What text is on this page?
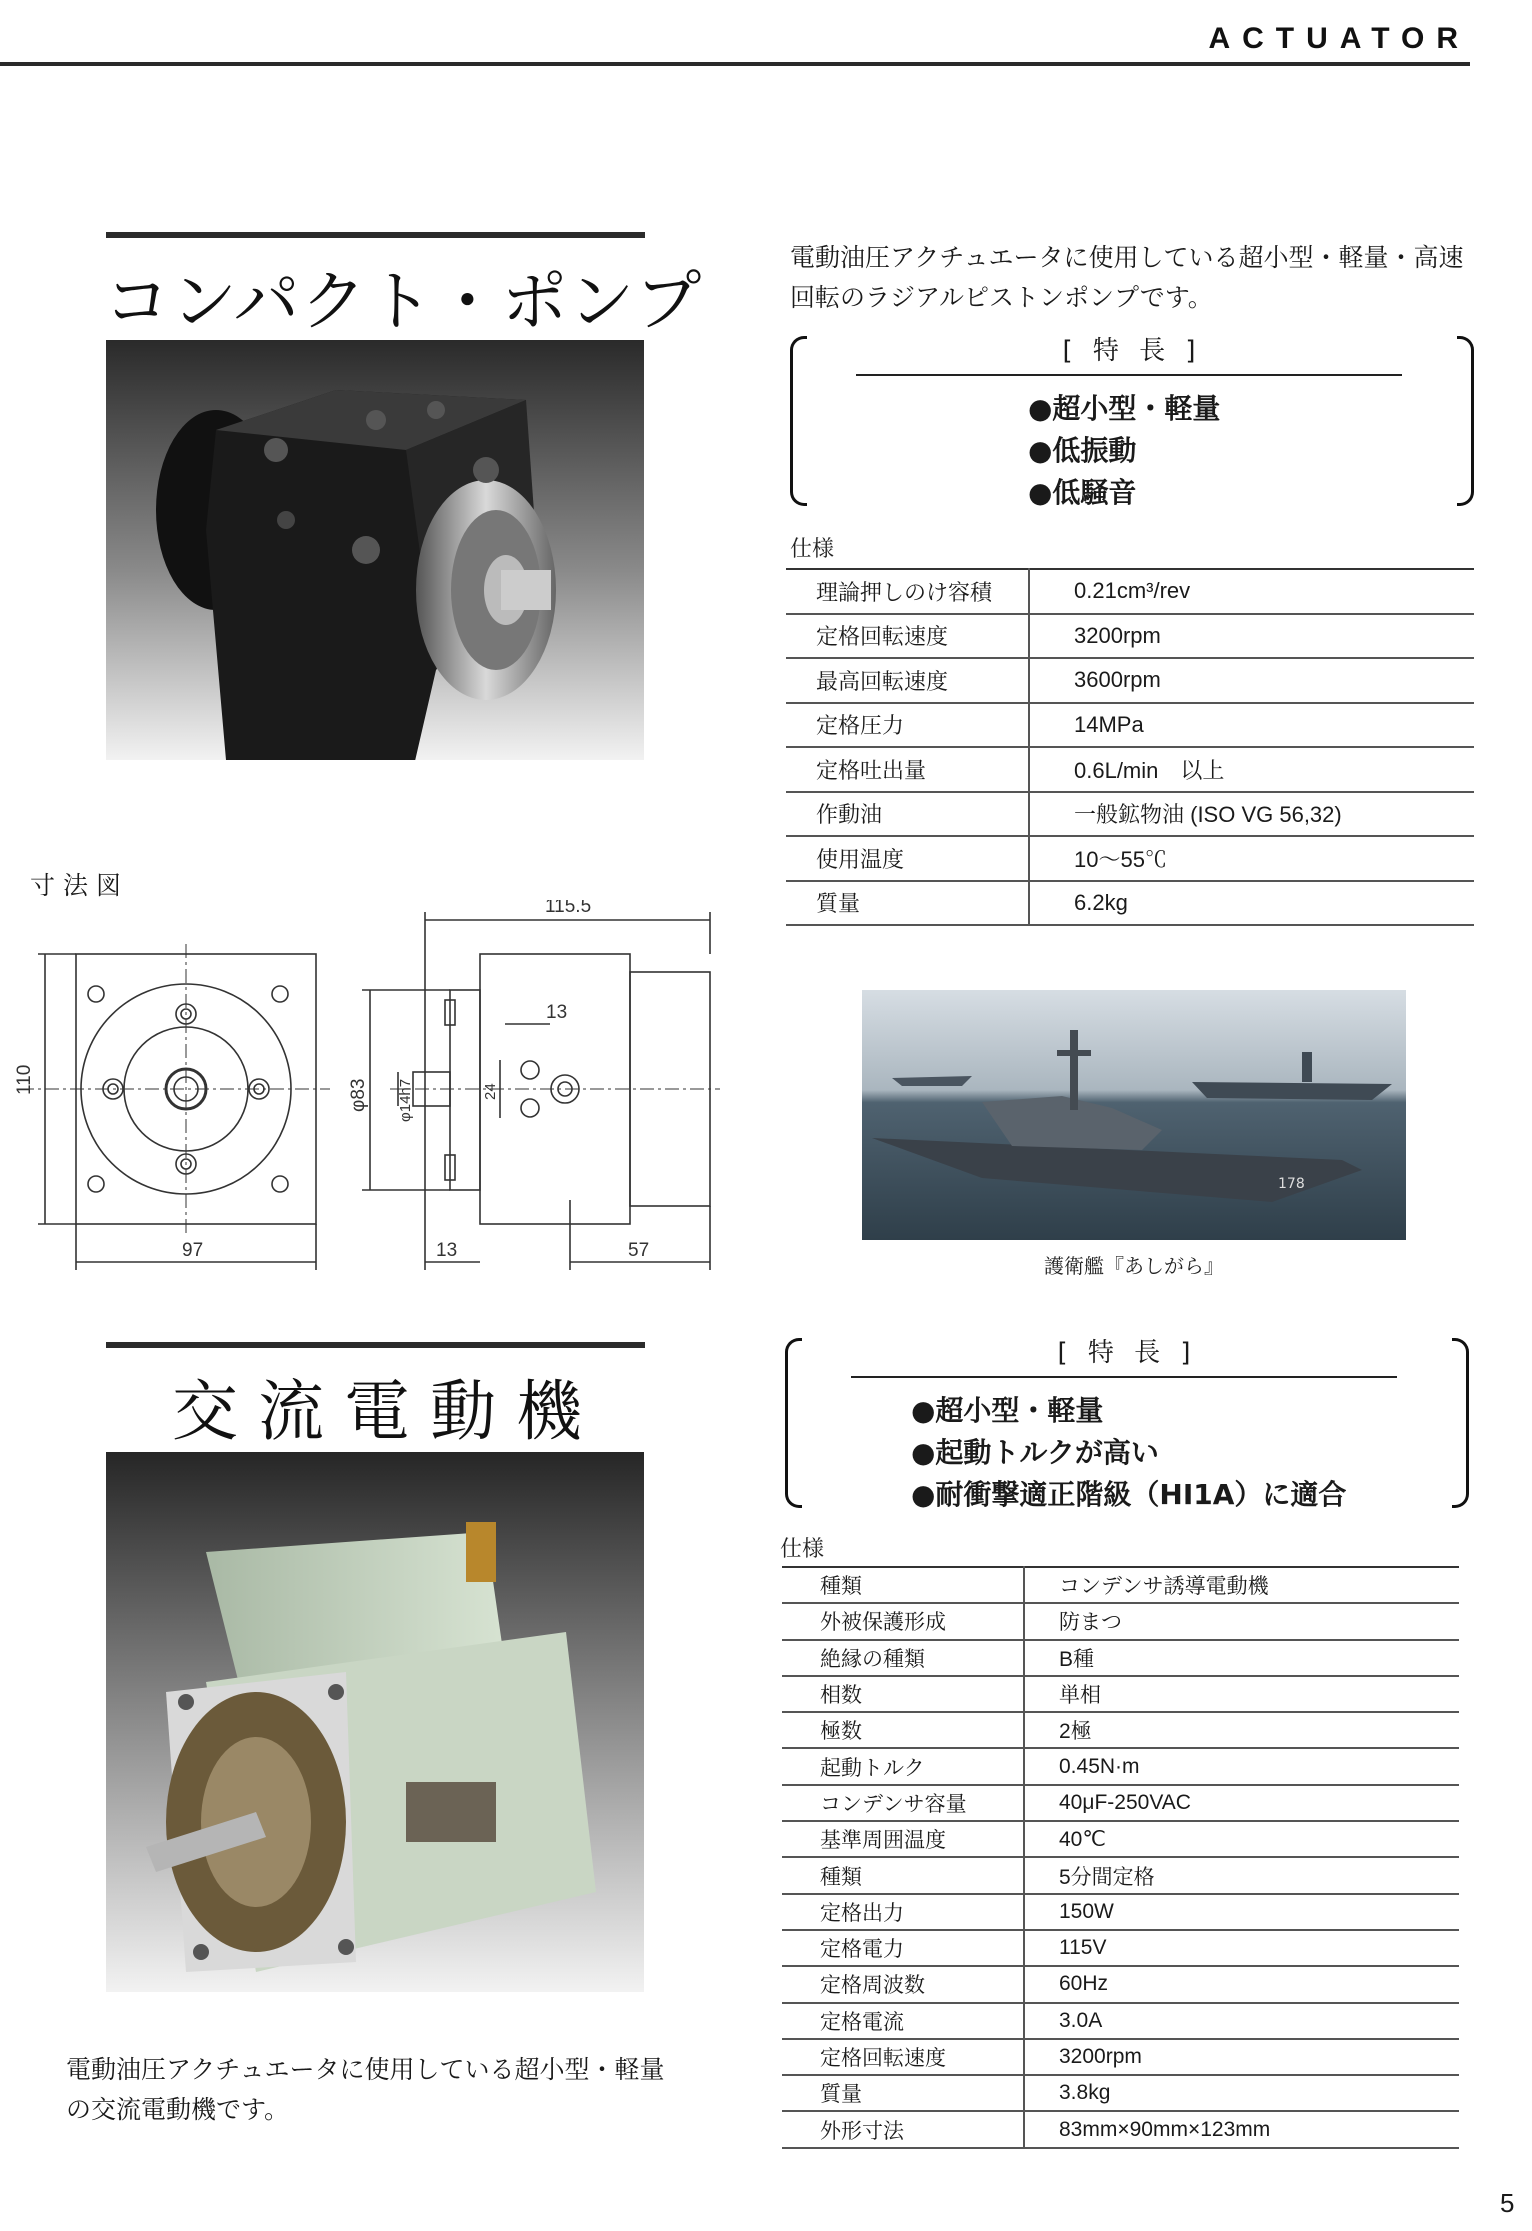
ACTUATOR
コンパクト・ポンプ
電動油圧アクチュエータに使用している超小型・軽量・高速回転のラジアルピストンポンプです。
[ 特 長 ]
●超小型・軽量
●低振動
●低騒音
仕様
理論押しのけ容積	0.21cm³/rev
定格回転速度	3200rpm
最高回転速度	3600rpm
定格圧力	14MPa
定格吐出量	0.6L/min　以上
作動油	一般鉱物油 (ISO VG 56,32)
使用温度	10～55℃
質量	6.2kg
寸法図
110
97
115.5
φ83 φ14h7
13
24
13	57
178
護衛艦『あしがら』
交流電動機
電動油圧アクチュエータに使用している超小型・軽量の交流電動機です。
[ 特 長 ]
●超小型・軽量
●起動トルクが高い
●耐衝撃適正階級（HI1A）に適合
仕様
種類	コンデンサ誘導電動機
外被保護形成	防まつ
絶縁の種類	B種
相数	単相
極数	2極
起動トルク	0.45N·m
コンデンサ容量	40μF-250VAC
基準周囲温度	40℃
種類	5分間定格
定格出力	150W
定格電力	115V
定格周波数	60Hz
定格電流	3.0A
定格回転速度	3200rpm
質量	3.8kg
外形寸法	83mm×90mm×123mm
5
